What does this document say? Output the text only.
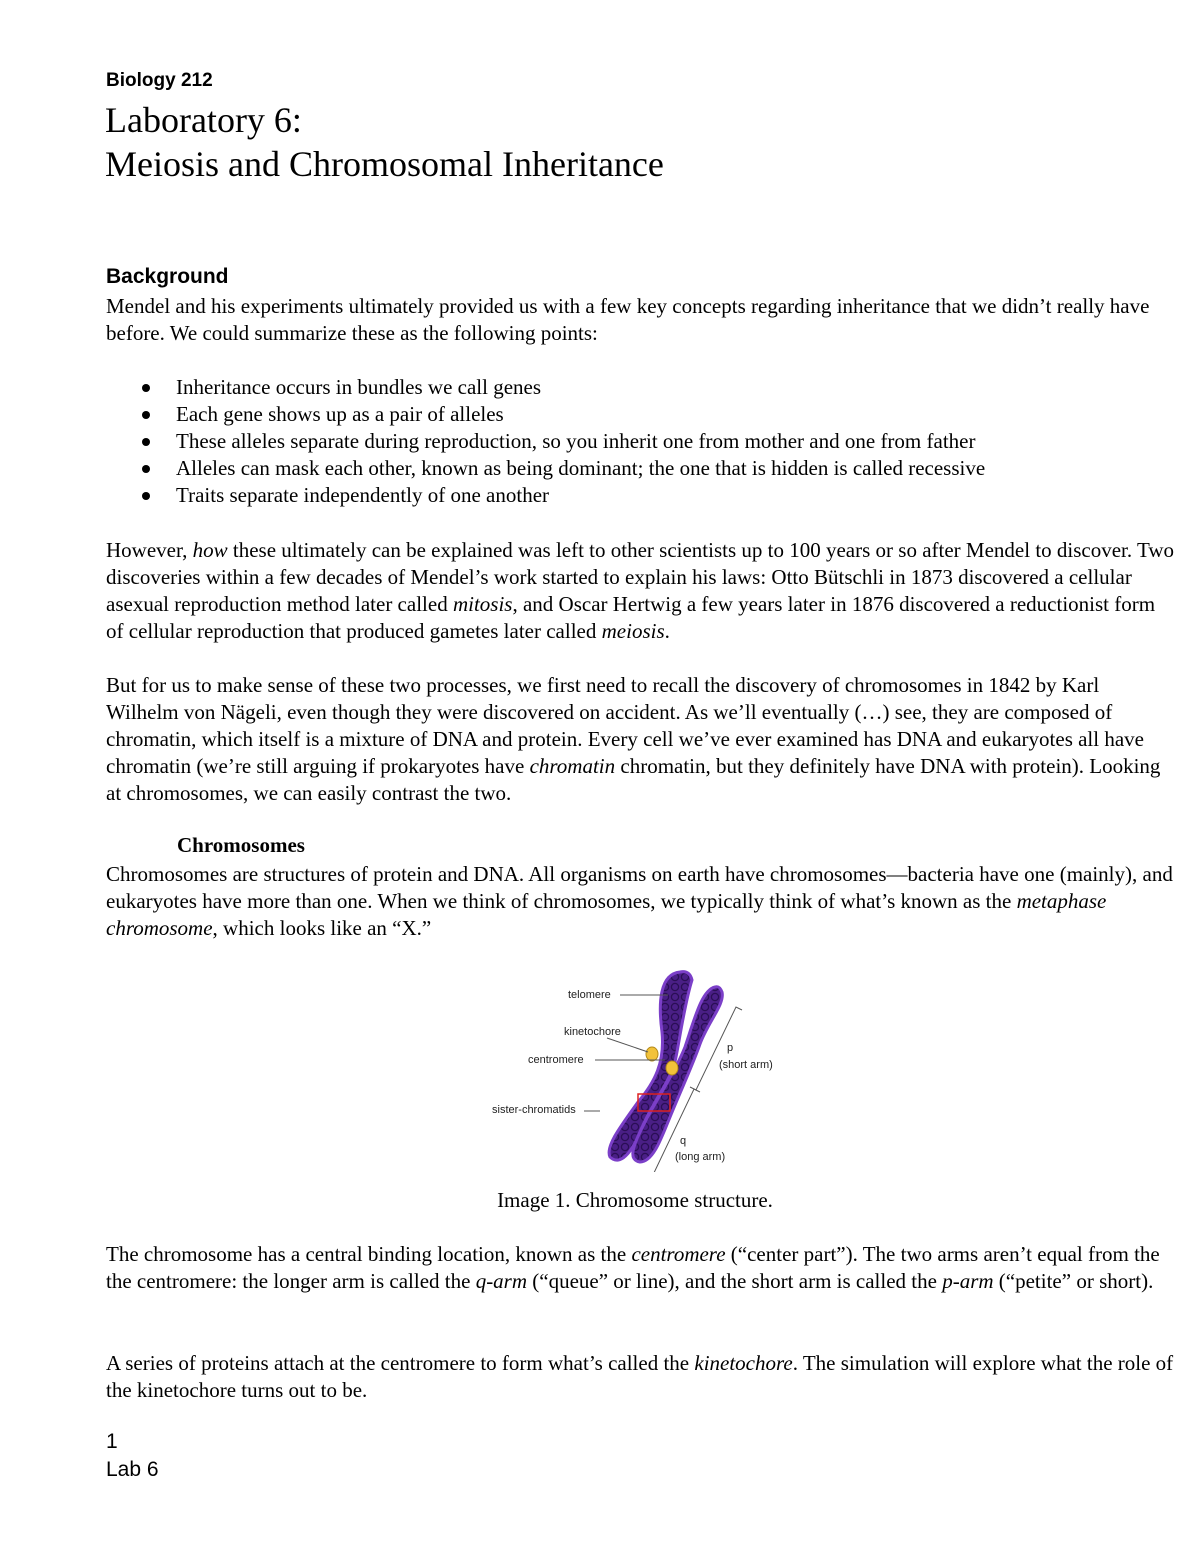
Biology 212
Laboratory 6:
Meiosis and Chromosomal Inheritance
Background
Mendel and his experiments ultimately provided us with a few key concepts regarding inheritance that we didn’t really have before. We could summarize these as the following points:
Inheritance occurs in bundles we call genes
Each gene shows up as a pair of alleles
These alleles separate during reproduction, so you inherit one from mother and one from father
Alleles can mask each other, known as being dominant; the one that is hidden is called recessive
Traits separate independently of one another
However, how these ultimately can be explained was left to other scientists up to 100 years or so after Mendel to discover. Two discoveries within a few decades of Mendel’s work started to explain his laws: Otto Bütschli in 1873 discovered a cellular asexual reproduction method later called mitosis, and Oscar Hertwig a few years later in 1876 discovered a reductionist form of cellular reproduction that produced gametes later called meiosis.
But for us to make sense of these two processes, we first need to recall the discovery of chromosomes in 1842 by Karl Wilhelm von Nägeli, even though they were discovered on accident. As we’ll eventually (…) see, they are composed of chromatin, which itself is a mixture of DNA and protein. Every cell we’ve ever examined has DNA and eukaryotes all have chromatin (we’re still arguing if prokaryotes have chromatin chromatin, but they definitely have DNA with protein). Looking at chromosomes, we can easily contrast the two.
Chromosomes
Chromosomes are structures of protein and DNA. All organisms on earth have chromosomes—bacteria have one (mainly), and eukaryotes have more than one. When we think of chromosomes, we typically think of what’s known as the metaphase chromosome, which looks like an “X.”
telomere
kinetochore
centromere
sister-chromatids
p
(short arm)
q
(long arm)
Image 1. Chromosome structure.
The chromosome has a central binding location, known as the centromere (“center part”). The two arms aren’t equal from the the centromere: the longer arm is called the q-arm (“queue” or line), and the short arm is called the p-arm (“petite” or short).
A series of proteins attach at the centromere to form what’s called the kinetochore. The simulation will explore what the role of the kinetochore turns out to be.
1
Lab 6
